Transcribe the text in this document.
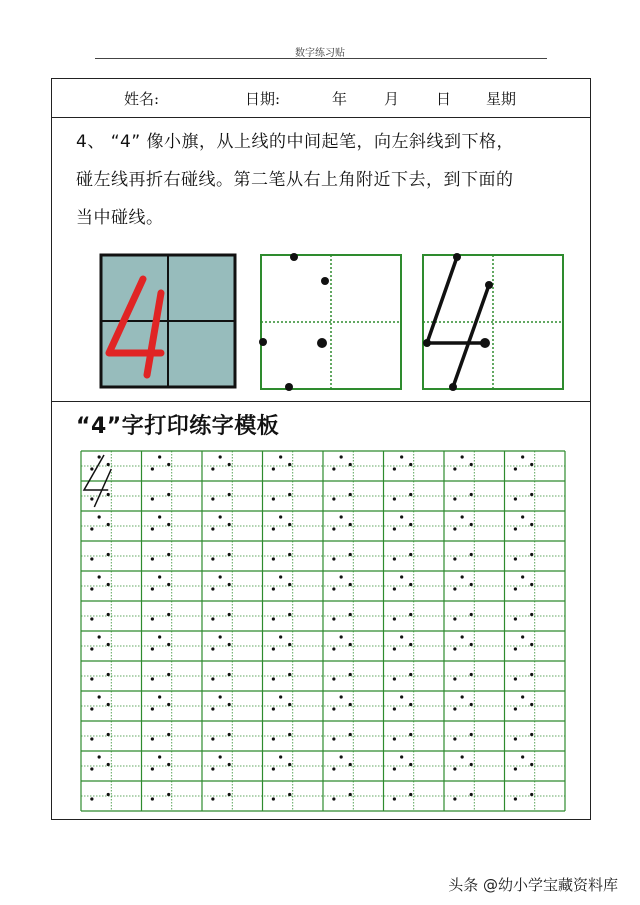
数字练习贴
姓名:	日期:	年 月 日 星期
4、 “4” 像小旗，从上线的中间起笔，向左斜线到下格，
碰左线再折右碰线。第二笔从右上角附近下去，到下面的
当中碰线。
“4”字打印练字模板
头条 @幼小学宝藏资料库
